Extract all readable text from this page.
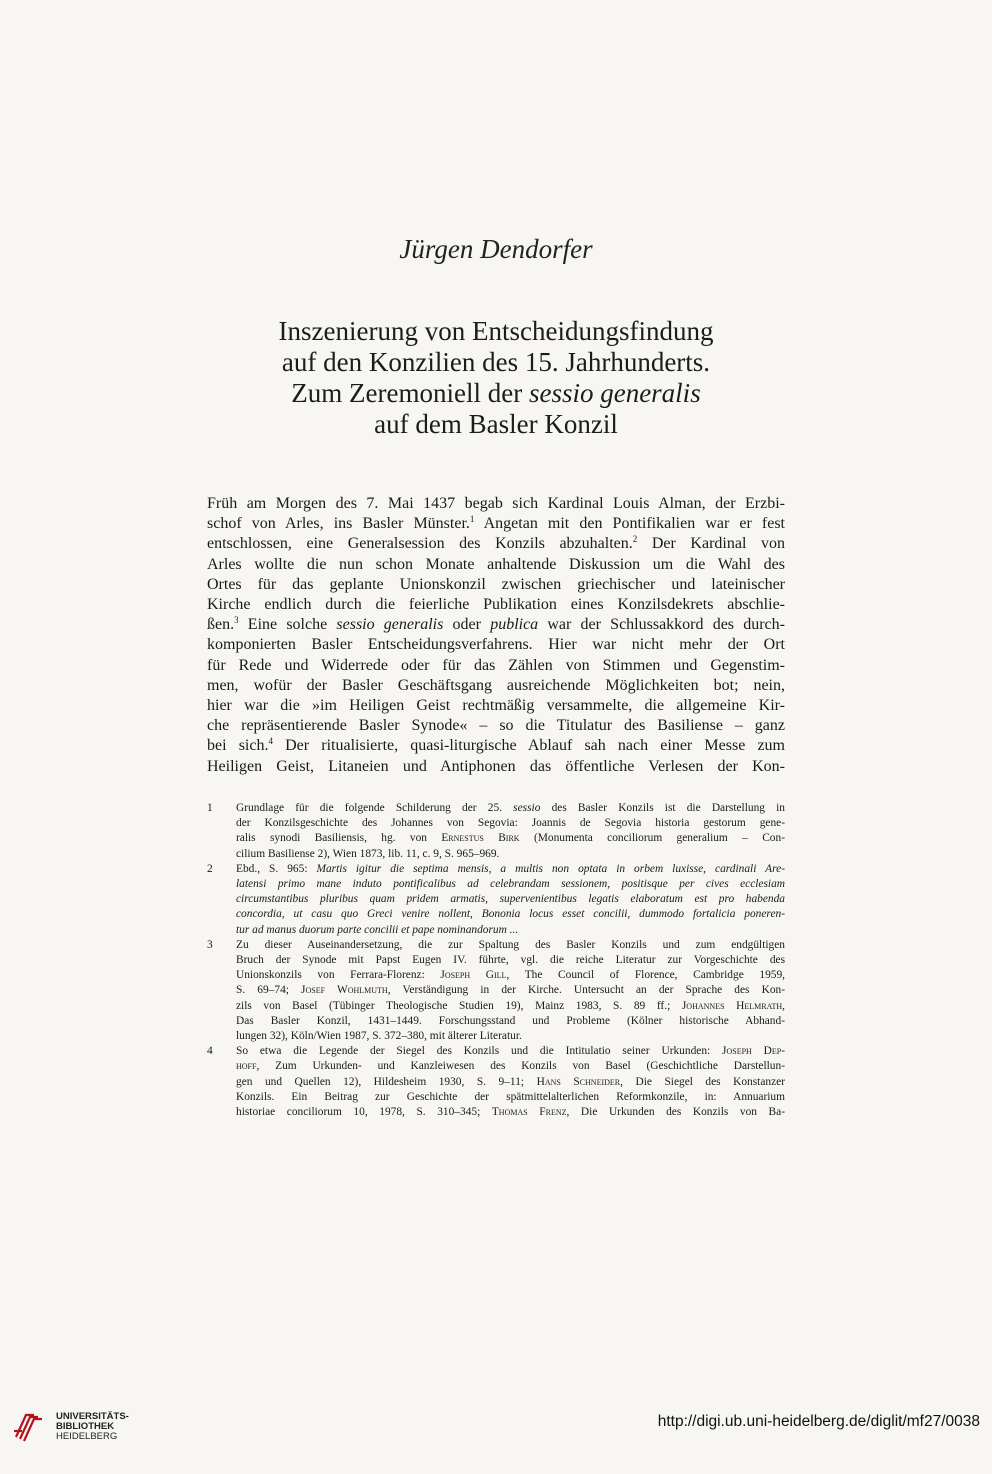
Jürgen Dendorfer
Inszenierung von Entscheidungsfindung
auf den Konzilien des 15. Jahrhunderts.
Zum Zeremoniell der sessio generalis
auf dem Basler Konzil
Früh am Morgen des 7. Mai 1437 begab sich Kardinal Louis Alman, der Erzbi-
schof von Arles, ins Basler Münster.$^1$ Angetan mit den Pontifikalien war er fest
entschlossen, eine Generalsession des Konzils abzuhalten.$^2$ Der Kardinal von
Arles wollte die nun schon Monate anhaltende Diskussion um die Wahl des
Ortes für das geplante Unionskonzil zwischen griechischer und lateinischer
Kirche endlich durch die feierliche Publikation eines Konzilsdekrets abschlie-
ßen.$^3$ Eine solche sessio generalis oder publica war der Schlussakkord des durch-
komponierten Basler Entscheidungsverfahrens. Hier war nicht mehr der Ort
für Rede und Widerrede oder für das Zählen von Stimmen und Gegenstim-
men, wofür der Basler Geschäftsgang ausreichende Möglichkeiten bot; nein,
hier war die »im Heiligen Geist rechtmäßig versammelte, die allgemeine Kir-
che repräsentierende Basler Synode« – so die Titulatur des Basiliense – ganz
bei sich.$^4$ Der ritualisierte, quasi-liturgische Ablauf sah nach einer Messe zum
Heiligen Geist, Litaneien und Antiphonen das öffentliche Verlesen der Kon-
1 Grundlage für die folgende Schilderung der 25. sessio des Basler Konzils ist die Darstellung in
der Konzilsgeschichte des Johannes von Segovia: Joannis de Segovia historia gestorum gene-
ralis synodi Basiliensis, hg. von Ernestus Birk (Monumenta conciliorum generalium – Con-
cilium Basiliense 2), Wien 1873, lib. 11, c. 9, S. 965–969.
2 Ebd., S. 965: Martis igitur die septima mensis, a multis non optata in orbem luxisse, cardinali Are-
latensi primo mane induto pontificalibus ad celebrandam sessionem, positisque per cives ecclesiam
circumstantibus pluribus quam pridem armatis, supervenientibus legatis elaboratum est pro habenda
concordia, ut casu quo Greci venire nollent, Bononia locus esset concilii, dummodo fortalicia poneren-
tur ad manus duorum parte concilii et pape nominandorum ...
3 Zu dieser Auseinandersetzung, die zur Spaltung des Basler Konzils und zum endgültigen
Bruch der Synode mit Papst Eugen IV. führte, vgl. die reiche Literatur zur Vorgeschichte des
Unionskonzils von Ferrara-Florenz: Joseph Gill, The Council of Florence, Cambridge 1959,
S. 69–74; Josef Wohlmuth, Verständigung in der Kirche. Untersucht an der Sprache des Kon-
zils von Basel (Tübinger Theologische Studien 19), Mainz 1983, S. 89 ff.; Johannes Helmrath,
Das Basler Konzil, 1431–1449. Forschungsstand und Probleme (Kölner historische Abhand-
lungen 32), Köln/Wien 1987, S. 372–380, mit älterer Literatur.
4 So etwa die Legende der Siegel des Konzils und die Intitulatio seiner Urkunden: Joseph Dep-
hoff, Zum Urkunden- und Kanzleiwesen des Konzils von Basel (Geschichtliche Darstellun-
gen und Quellen 12), Hildesheim 1930, S. 9–11; Hans Schneider, Die Siegel des Konstanzer
Konzils. Ein Beitrag zur Geschichte der spätmittelalterlichen Reformkonzile, in: Annuarium
historiae conciliorum 10, 1978, S. 310–345; Thomas Frenz, Die Urkunden des Konzils von Ba-
UNIVERSITÄTS-
BIBLIOTHEK
HEIDELBERG
http://digi.ub.uni-heidelberg.de/diglit/mf27/0038
